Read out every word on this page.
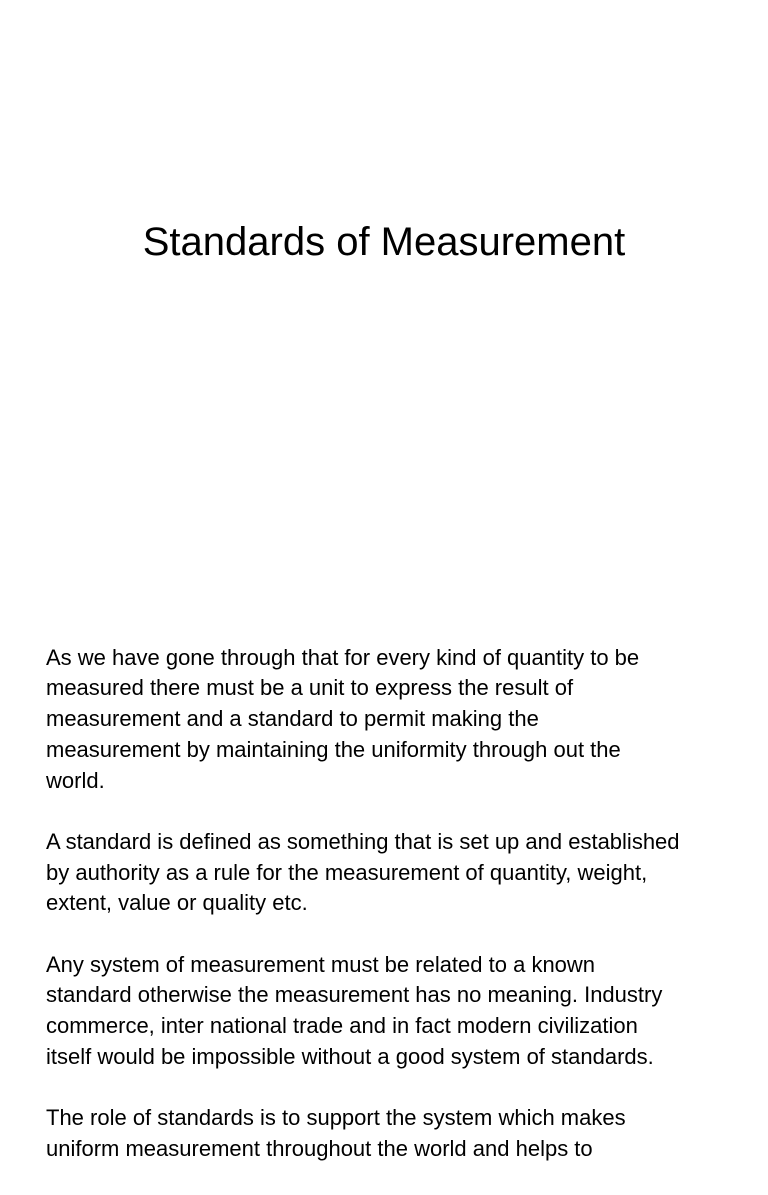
Standards of Measurement

As we have gone through that for every kind of quantity to be
measured there must be a unit to express the result of
measurement and a standard to permit making the
measurement by maintaining the uniformity through out the
world.

A standard is defined as something that is set up and established
by authority as a rule for the measurement of quantity, weight,
extent, value or quality etc.

Any system of measurement must be related to a known
standard otherwise the measurement has no meaning. Industry
commerce, inter national trade and in fact modern civilization
itself would be impossible without a good system of standards.

The role of standards is to support the system which makes
uniform measurement throughout the world and helps to
